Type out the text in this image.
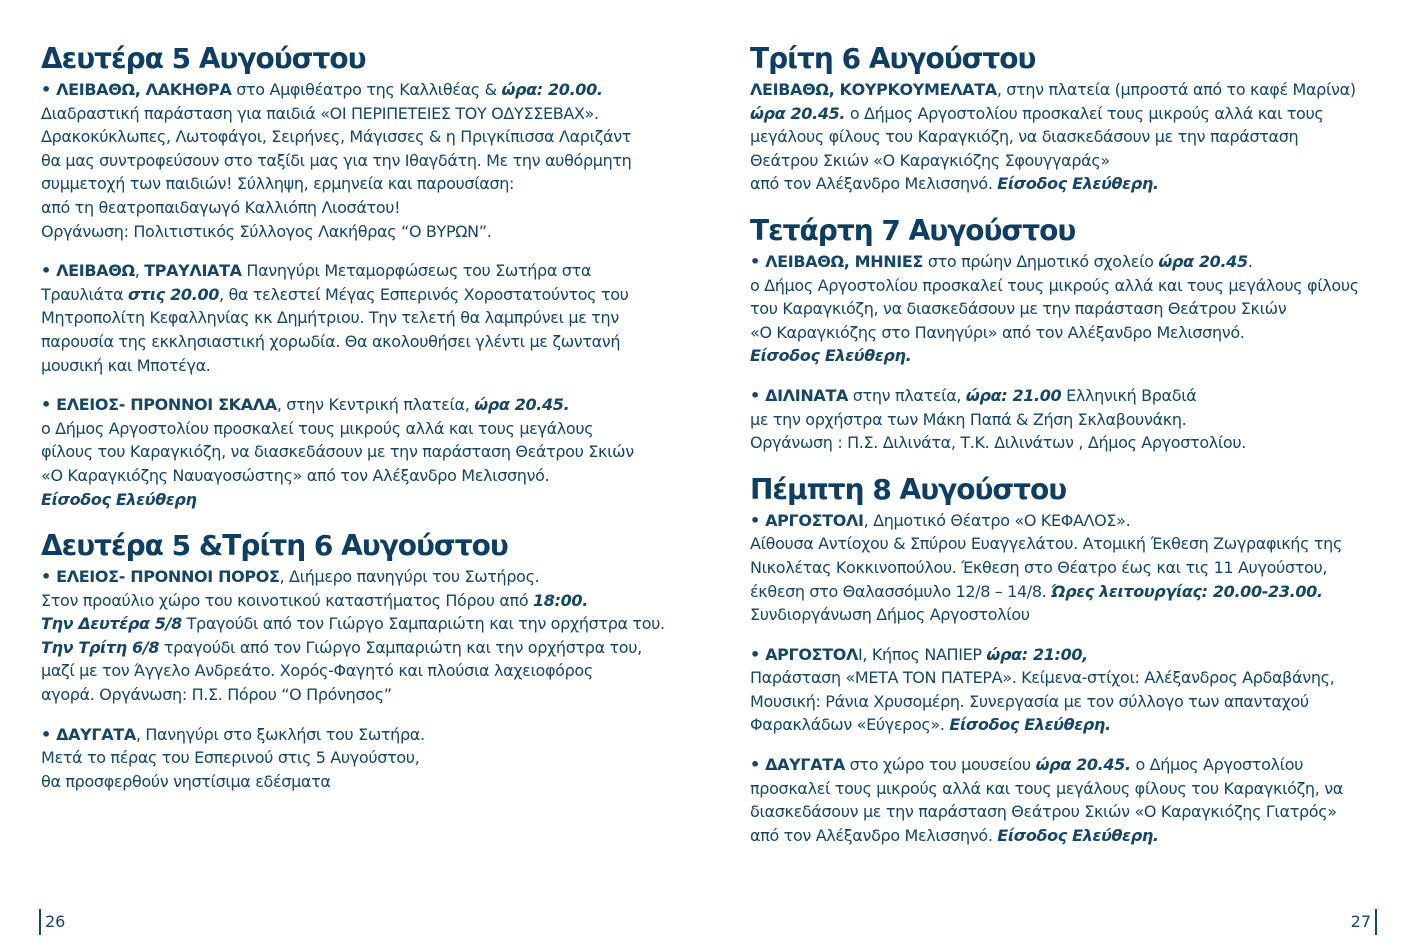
Δευτέρα 5 Αυγούστου

• ΛΕΙΒΑΘΩ, ΛΑΚΗΘΡΑ στο Αμφιθέατρο της Καλλιθέας & ώρα: 20.00.
Διαδραστική παράσταση για παιδιά «ΟΙ ΠΕΡΙΠΕΤΕΙΕΣ ΤΟΥ ΟΔΥΣΣΕΒΑΧ».
Δρακοκύκλωπες, Λωτοφάγοι, Σειρήνες, Μάγισσες & η Πριγκίπισσα Λαριζάντ
θα μας συντροφεύσουν στο ταξίδι μας για την Ιθαγδάτη. Με την αυθόρμητη
συμμετοχή των παιδιών! Σύλληψη, ερμηνεία και παρουσίαση:
από τη θεατροπαιδαγωγό Καλλιόπη Λιοσάτου!
Οργάνωση: Πολιτιστικός Σύλλογος Λακήθρας “Ο ΒΥΡΩΝ”.

• ΛΕΙΒΑΘΩ, ΤΡΑΥΛΙΑΤΑ Πανηγύρι Μεταμορφώσεως του Σωτήρα στα
Τραυλιάτα στις 20.00, θα τελεστεί Μέγας Εσπερινός Χοροστατούντος του
Μητροπολίτη Κεφαλληνίας κκ Δημήτριου. Την τελετή θα λαμπρύνει με την
παρουσία της εκκλησιαστική χορωδία. Θα ακολουθήσει γλέντι με ζωντανή
μουσική και Μποτέγα.

• ΕΛΕΙΟΣ- ΠΡΟΝΝΟΙ ΣΚΑΛΑ, στην Κεντρική πλατεία, ώρα 20.45.
ο Δήμος Αργοστολίου προσκαλεί τους μικρούς αλλά και τους μεγάλους
φίλους του Καραγκιόζη, να διασκεδάσουν με την παράσταση Θεάτρου Σκιών
«Ο Καραγκιόζης Ναυαγοσώστης» από τον Αλέξανδρο Μελισσηνό.
Είσοδος Ελεύθερη

Δευτέρα 5 &Τρίτη 6 Αυγούστου

• ΕΛΕΙΟΣ- ΠΡΟΝΝΟΙ ΠΟΡΟΣ, Διήμερο πανηγύρι του Σωτήρος.
Στον προαύλιο χώρο του κοινοτικού καταστήματος Πόρου από 18:00.
Την Δευτέρα 5/8 Τραγούδι από τον Γιώργο Σαμπαριώτη και την ορχήστρα του.
Την Τρίτη 6/8 τραγούδι από τον Γιώργο Σαμπαριώτη και την ορχήστρα του,
μαζί με τον Άγγελο Ανδρεάτο. Χορός-Φαγητό και πλούσια λαχειοφόρος
αγορά. Οργάνωση: Π.Σ. Πόρου “Ο Πρόνησος”

• ΔΑΥΓΑΤΑ, Πανηγύρι στο ξωκλήσι του Σωτήρα.
Μετά το πέρας του Εσπερινού στις 5 Αυγούστου,
θα προσφερθούν νηστίσιμα εδέσματα

26
Τρίτη 6 Αυγούστου

ΛΕΙΒΑΘΩ, ΚΟΥΡΚΟΥΜΕΛΑΤΑ, στην πλατεία (μπροστά από το καφέ Μαρίνα)
ώρα 20.45. ο Δήμος Αργοστολίου προσκαλεί τους μικρούς αλλά και τους
μεγάλους φίλους του Καραγκιόζη, να διασκεδάσουν με την παράσταση
Θεάτρου Σκιών «Ο Καραγκιόζης Σφουγγαράς»
από τον Αλέξανδρο Μελισσηνό. Είσοδος Ελεύθερη.

Τετάρτη 7 Αυγούστου

• ΛΕΙΒΑΘΩ, ΜΗΝΙΕΣ στο πρώην Δημοτικό σχολείο ώρα 20.45.
ο Δήμος Αργοστολίου προσκαλεί τους μικρούς αλλά και τους μεγάλους φίλους
του Καραγκιόζη, να διασκεδάσουν με την παράσταση Θεάτρου Σκιών
«Ο Καραγκιόζης στο Πανηγύρι» από τον Αλέξανδρο Μελισσηνό.
Είσοδος Ελεύθερη.

• ΔΙΛΙΝΑΤΑ στην πλατεία, ώρα: 21.00 Ελληνική Βραδιά
με την ορχήστρα των Μάκη Παπά & Ζήση Σκλαβουνάκη.
Οργάνωση : Π.Σ. Διλινάτα, Τ.Κ. Διλινάτων , Δήμος Αργοστολίου.

Πέμπτη 8 Αυγούστου

• ΑΡΓΟΣΤΟΛΙ, Δημοτικό Θέατρο «Ο ΚΕΦΑΛΟΣ».
Αίθουσα Αντίοχου & Σπύρου Ευαγγελάτου. Ατομική Έκθεση Ζωγραφικής της
Νικολέτας Κοκκινοπούλου. Έκθεση στο Θέατρο έως και τις 11 Αυγούστου,
έκθεση στο Θαλασσόμυλο 12/8 – 14/8. Ώρες λειτουργίας: 20.00-23.00.
Συνδιοργάνωση Δήμος Αργοστολίου

• ΑΡΓΟΣΤΟΛΙ, Κήπος ΝΑΠΙΕΡ ώρα: 21:00,
Παράσταση «ΜΕΤΑ ΤΟΝ ΠΑΤΕΡΑ». Κείμενα-στίχοι: Αλέξανδρος Αρδαβάνης,
Μουσική: Ράνια Χρυσομέρη. Συνεργασία με τον σύλλογο των απανταχού
Φαρακλάδων «Εύγερος». Είσοδος Ελεύθερη.

• ΔΑΥΓΑΤΑ στο χώρο του μουσείου ώρα 20.45. ο Δήμος Αργοστολίου
προσκαλεί τους μικρούς αλλά και τους μεγάλους φίλους του Καραγκιόζη, να
διασκεδάσουν με την παράσταση Θεάτρου Σκιών «Ο Καραγκιόζης Γιατρός»
από τον Αλέξανδρο Μελισσηνό. Είσοδος Ελεύθερη.

27
